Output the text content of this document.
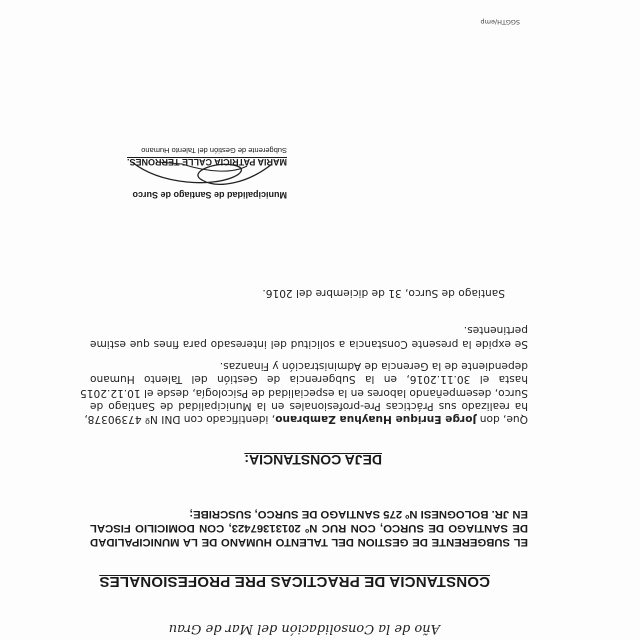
Año de la Consolidación del Mar de Grau
CONSTANCIA DE PRACTICAS PRE PROFESIONALES
EL SUBGERENTE DE GESTION DEL TALENTO HUMANO DE LA MUNICIPALIDAD
DE SANTIAGO DE SURCO, CON RUC Nº 20131367423, CON DOMICILIO FISCAL
EN JR. BOLOGNESI Nº 275 SANTIAGO DE SURCO, SUSCRIBE;
DEJA CONSTANCIA:
Que, don Jorge Enrique Huayhua Zambrano, identificado con DNI Nº 47390378,
ha realizado sus Prácticas Pre-profesionales en la Municipalidad de Santiago de
Surco, desempeñando labores en la especialidad de Psicología, desde el 10.12.2015
hasta el 30.11.2016, en la Subgerencia de Gestión del Talento Humano
dependiente de la Gerencia de Administración y Finanzas.
Se expide la presente Constancia a solicitud del interesado para fines que estime
pertinentes.
Santiago de Surco, 31 de diciembre del 2016.
Municipalidad de Santiago de Surco
MARIA PATRICIA CALLE TERRONES.
Subgerente de Gestión del Talento Humano
SGGTH/emp
